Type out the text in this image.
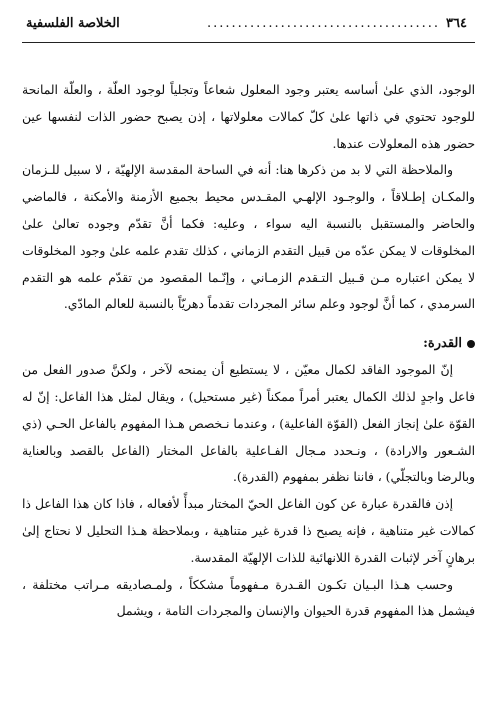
٣٦٤
......................................
الخلاصة الفلسفية

الوجود، الذي علىٰ أساسه يعتبر وجود المعلول شعاعاً وتجلياً لوجود العلّة ، والعلّة المانحة للوجود تحتوي في ذاتها علىٰ كلّ كمالات معلولاتها ، إذن يصبح حضور الذات لنفسها عين حضور هذه المعلولات عندها.

والملاحظة التي لا بد من ذكرها هنا: أنه في الساحة المقدسة الإلهيّة ، لا سبيل للـزمان والمكـان إطـلاقاً ، والوجـود الإلهـي المقـدس محيط بجميع الأزمنة والأمكنة ، فالماضي والحاضر والمستقبل بالنسبة اليه سواء ، وعليه: فكما أنَّ تقدّم وجوده تعالىٰ علىٰ المخلوقات لا يمكن عدّه من قبيل التقدم الزماني ، كذلك تقدم علمه علىٰ وجود المخلوقات لا يمكن اعتباره مـن قـبيل التـقدم الزمـاني ، وإنّـما المقصود من تقدّم علمه هو التقدم السرمدي ، كما أنَّ لوجود وعلم سائر المجردات تقدماً دهريّاً بالنسبة للعالم المادّي.

القدرة:

إنّ الموجود الفاقد لكمال معيّن ، لا يستطيع أن يمنحه لآخر ، ولكنَّ صدور الفعل من فاعل واجدٍ لذلك الكمال يعتبر أمراً ممكناً (غير مستحيل) ، ويقال لمثل هذا الفاعل: إنّ له القوّة علىٰ إنجاز الفعل (القوّة الفاعلية) ، وعندما نـخصص هـذا المفهوم بالفاعل الحـي (ذي الشـعور والارادة) ، ونـحدد مـجال الفـاعلية بالفاعل المختار (الفاعل بالقصد وبالعناية وبالرضا وبالتجلّي) ، فاننا نظفر بمفهوم (القدرة).

إذن فالقدرة عبارة عن كون الفاعل الحيّ المختار مبدأً لأفعاله ، فاذا كان هذا الفاعل ذا كمالات غير متناهية ، فإنه يصبح ذا قدرة غير متناهية ، وبملاحظة هـذا التحليل لا نحتاج إلىٰ برهانٍ آخر لإثبات القدرة اللانهائية للذات الإلهيّة المقدسة.

وحسب هـذا البـيان تكـون القـدرة مـفهوماً مشككاً ، ولمـصاديقه مـراتب مختلفة ، فيشمل هذا المفهوم قدرة الحيوان والإنسان والمجردات التامة ، ويشمل
